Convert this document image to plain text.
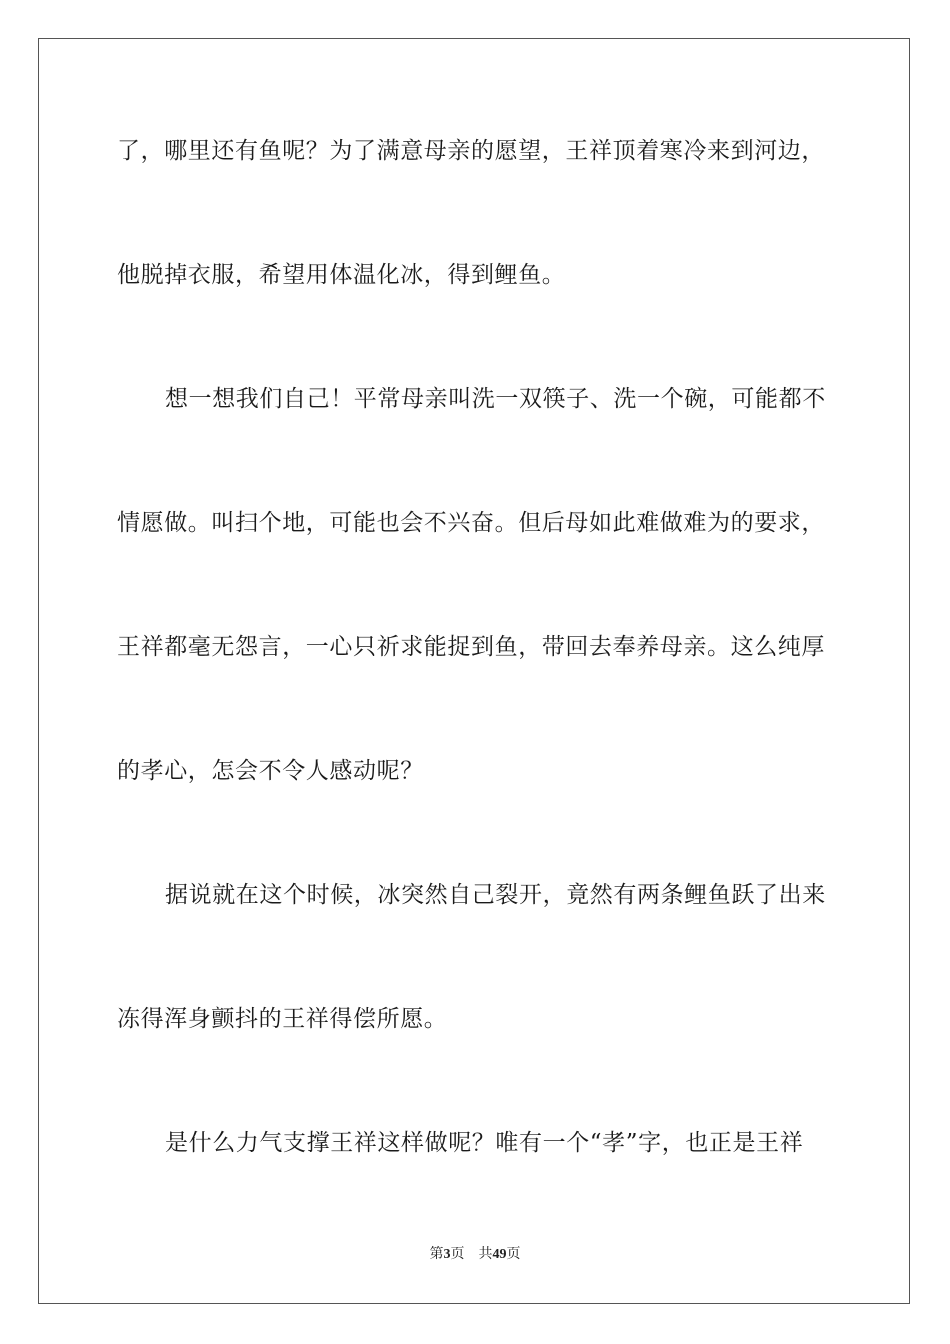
了，哪里还有鱼呢？为了满意母亲的愿望，王祥顶着寒冷来到河边，
他脱掉衣服，希望用体温化冰，得到鲤鱼。
想一想我们自己！平常母亲叫洗一双筷子、洗一个碗，可能都不
情愿做。叫扫个地，可能也会不兴奋。但后母如此难做难为的要求，
王祥都毫无怨言，一心只祈求能捉到鱼，带回去奉养母亲。这么纯厚
的孝心，怎会不令人感动呢？
据说就在这个时候，冰突然自己裂开，竟然有两条鲤鱼跃了出来
冻得浑身颤抖的王祥得偿所愿。
是什么力气支撑王祥这样做呢？唯有一个“孝”字，也正是王祥
第3页 共49页
